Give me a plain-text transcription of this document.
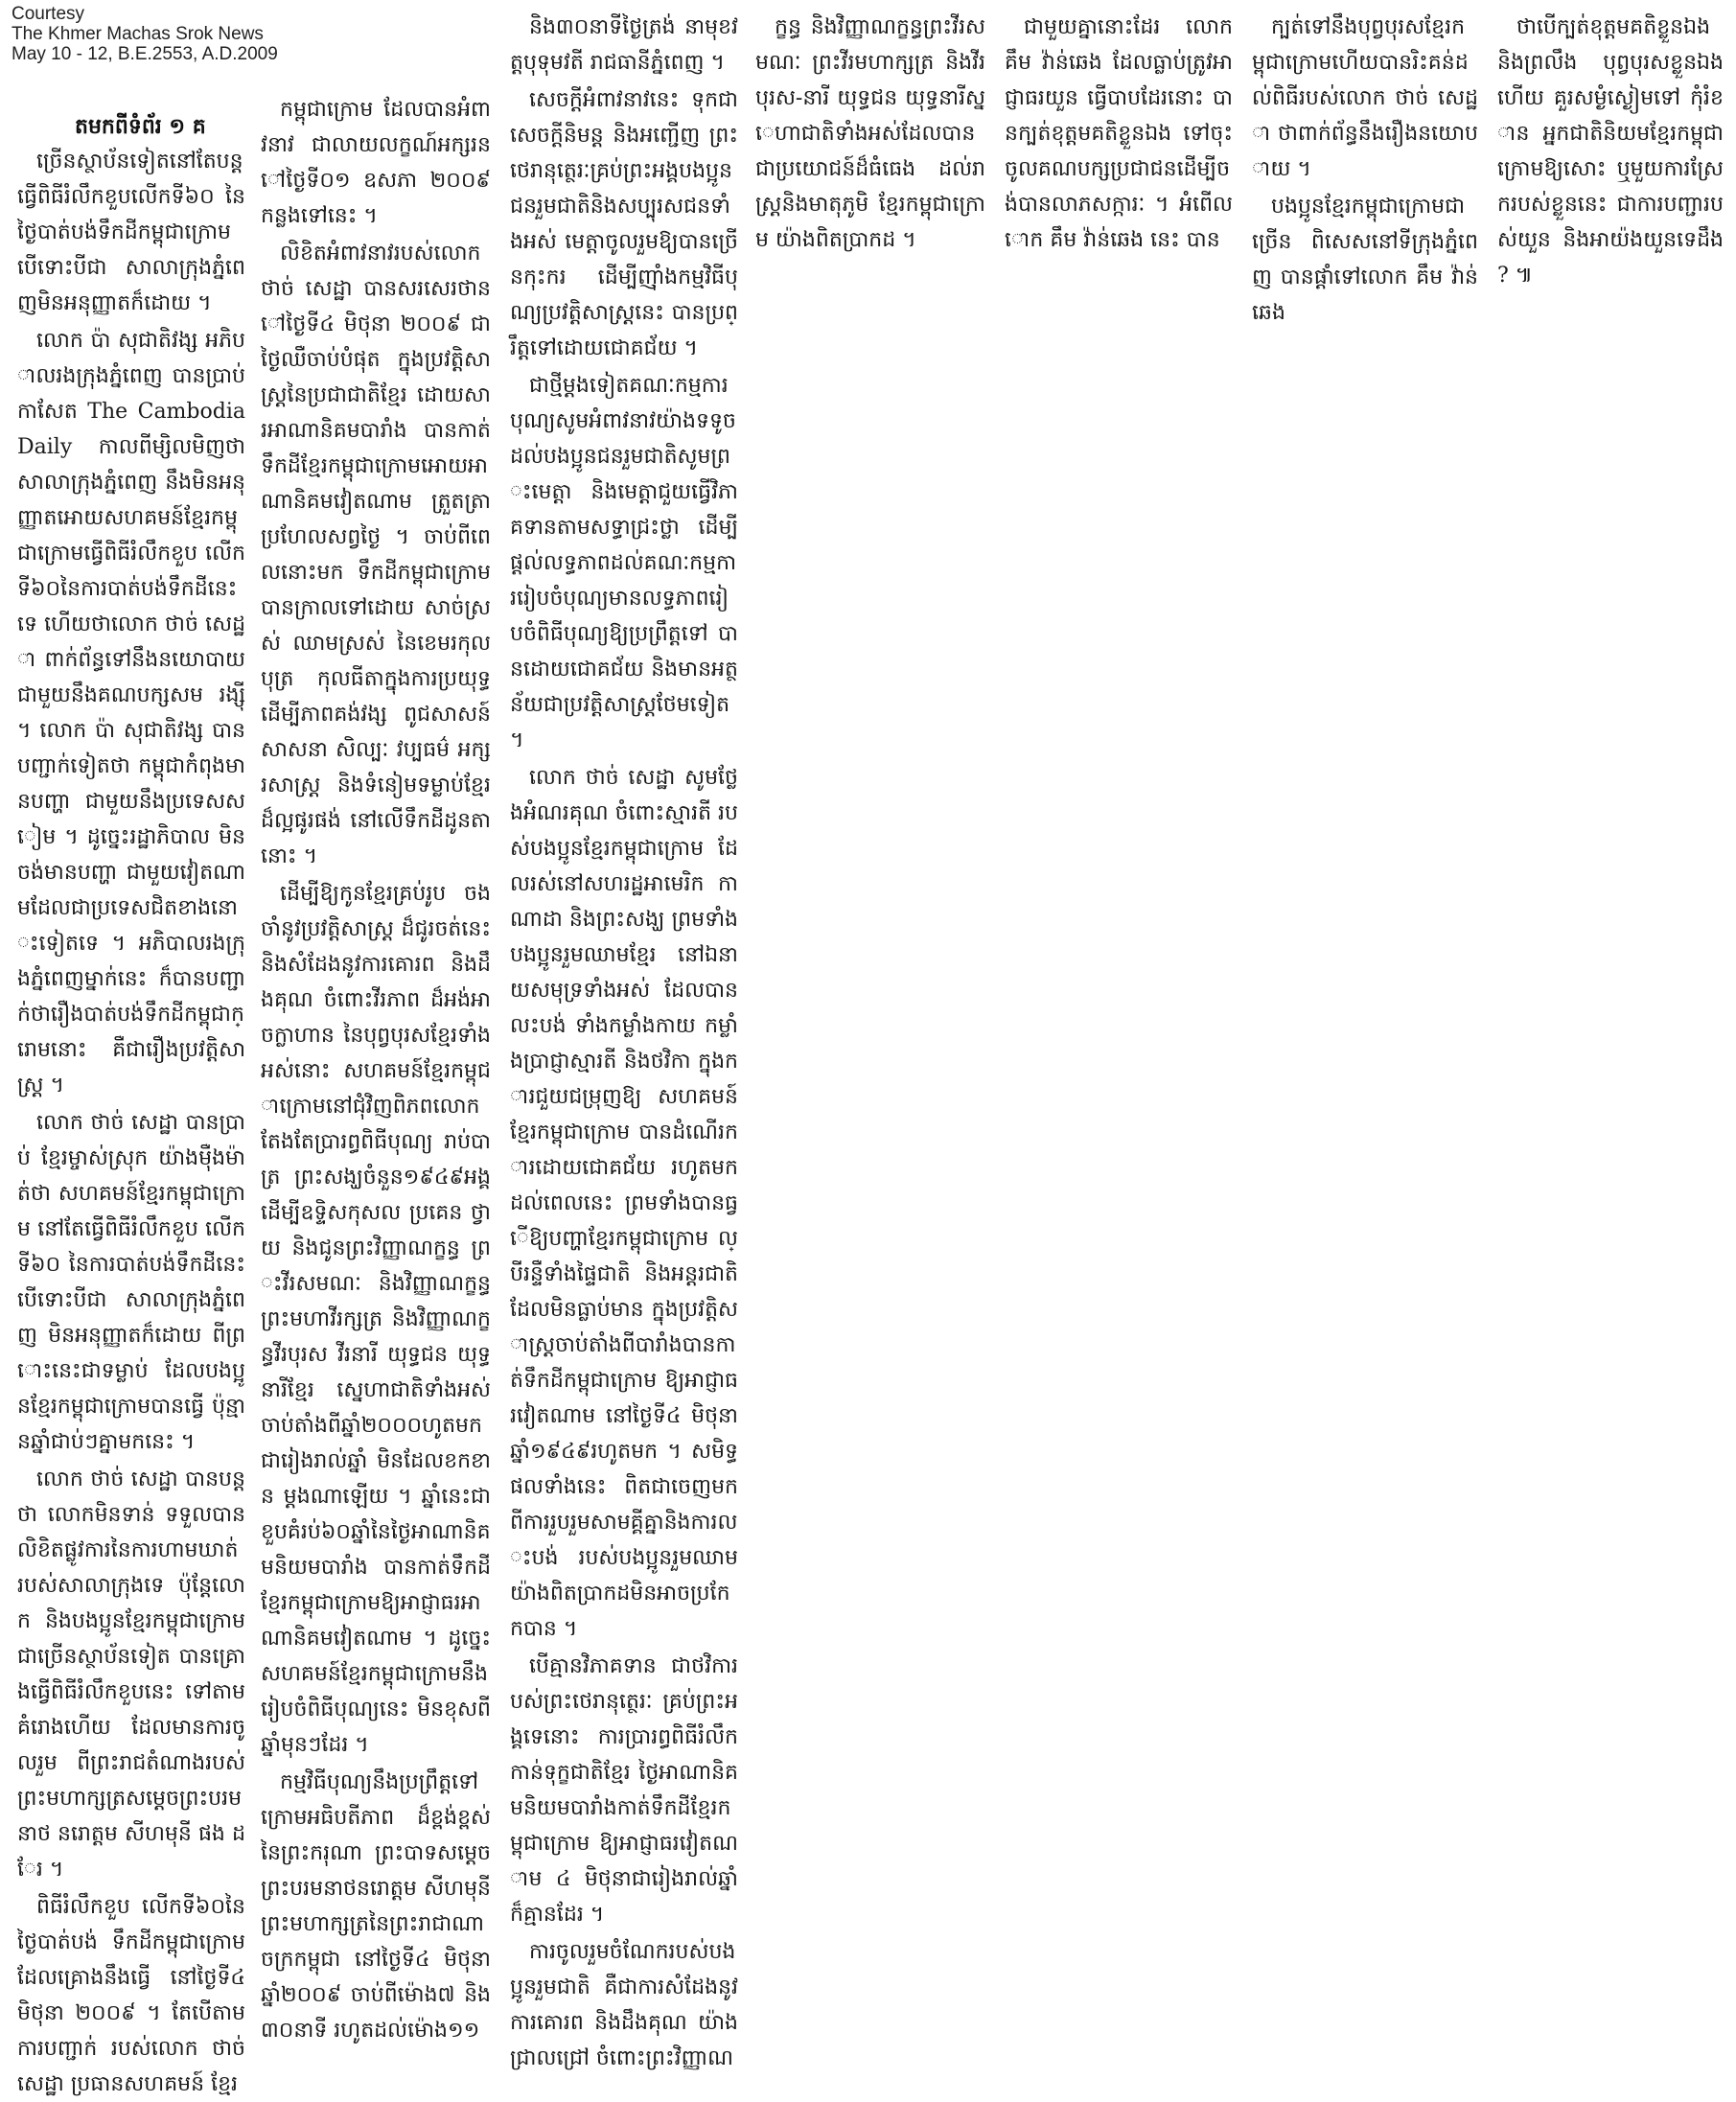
Courtesy
The Khmer Machas Srok News
May 10 - 12, B.E.2553, A.D.2009
តមកពីទំព័រ ១ គ

ច្រើនស្ថាប័នទៀតនៅតែបន្តធ្វើពិធីរំលឹកខួបលើកទី៦០ នៃថ្ងៃបាត់បង់ទឹកដីកម្ពុជាក្រោម បើទោះបីជា សាលាក្រុងភ្នំពេញមិនអនុញ្ញាតក៏ដោយ ។

លោក ប៉ា សុជាតិវង្ស អភិបាលរងក្រុងភ្នំពេញ បានប្រាប់កាសែត The Cambodia Daily កាលពីម្សិលមិញថា សាលាក្រុងភ្នំពេញ នឹងមិនអនុញ្ញាតអោយសហគមន៍ខ្មែរកម្ពុជាក្រោមធ្វើពិធីរំលឹកខួប លើកទី៦០នៃការបាត់បង់ទឹកដីនេះទេ ហើយថាលោក ថាច់ សេដ្ឋា ពាក់ព័ន្ធទៅនឹងនយោបាយ ជាមួយនឹងគណបក្សសម រង្ស៊ី ។ លោក ប៉ា សុជាតិវង្ស បានបញ្ជាក់ទៀតថា កម្ពុជាកំពុងមានបញ្ហា ជាមួយនឹងប្រទេសសៀម ។ ដូច្នេះរដ្ឋាភិបាល មិនចង់មានបញ្ហា ជាមួយវៀតណាមដែលជាប្រទេសជិតខាងនោះទៀតទេ ។ អភិបាលរងក្រុងភ្នំពេញម្នាក់នេះ ក៏បានបញ្ជាក់ថារឿងបាត់បង់ទឹកដីកម្ពុជាក្រោមនោះ គឺជារឿងប្រវត្តិសាស្ត្រ ។

លោក ថាច់ សេដ្ឋា បានប្រាប់ ខ្មែរម្ចាស់ស្រុក យ៉ាងម៉ឺងម៉ាត់ថា សហគមន៍ខ្មែរកម្ពុជាក្រោម នៅតែធ្វើពិធីរំលឹកខួប លើកទី៦០ នៃការបាត់បង់ទឹកដីនេះ បើទោះបីជា សាលាក្រុងភ្នំពេញ មិនអនុញ្ញាតក៏ដោយ ពីព្រោះនេះជាទម្លាប់ ដែលបងប្អូនខ្មែរកម្ពុជាក្រោមបានធ្វើ ប៉ុន្មានឆ្នាំជាប់ៗគ្នាមកនេះ ។

លោក ថាច់ សេដ្ឋា បានបន្តថា លោកមិនទាន់ ទទួលបានលិខិតផ្លូវការនៃការហាមឃាត់ របស់សាលាក្រុងទេ ប៉ុន្តែលោក និងបងប្អូនខ្មែរកម្ពុជាក្រោមជាច្រើនស្ថាប័នទៀត បានគ្រោងធ្វើពិធីរំលឹកខួបនេះ ទៅតាមគំរោងហើយ ដែលមានការចូលរួម ពីព្រះរាជតំណាងរបស់ព្រះមហាក្សត្រសម្តេចព្រះបរមនាថ នរោត្តម សីហមុនី ផង ដែរ ។

ពិធីរំលឹកខួប លើកទី៦០នៃថ្ងៃបាត់បង់ ទឹកដីកម្ពុជាក្រោម ដែលគ្រោងនឹងធ្វើ នៅថ្ងៃទី៤ មិថុនា ២០០៩ ។ តែបើតាមការបញ្ជាក់ របស់លោក ថាច់ សេដ្ឋា ប្រធានសហគមន៍ ខ្មែរ

កម្ពុជាក្រោម ដែលបានអំពាវនាវ ជាលាយលក្ខណ៍អក្សរនៅថ្ងៃទី០១ ឧសភា ២០០៩កន្លងទៅនេះ ។

លិខិតអំពាវនាវរបស់លោក ថាច់ សេដ្ឋា បានសរសេរថានៅថ្ងៃទី៤ មិថុនា ២០០៩ ជាថ្ងៃឈឺចាប់បំផុត ក្នុងប្រវត្តិសាស្ត្រនៃប្រជាជាតិខ្មែរ ដោយសារអាណានិគមបារាំង បានកាត់ទឹកដីខ្មែរកម្ពុជាក្រោមអោយអាណានិគមវៀតណាម ត្រួតត្រាប្រហែលសព្វថ្ងៃ ។ ចាប់ពីពេលនោះមក ទឹកដីកម្ពុជាក្រោម បានក្រាលទៅដោយ សាច់ស្រស់ ឈាមស្រស់ នៃខេមរកុលបុត្រ កុលធីតាក្នុងការប្រយុទ្ធ ដើម្បីភាពគង់វង្ស ពូជសាសន៍ សាសនា សិល្បៈ វប្បធម៌ អក្សរសាស្ត្រ និងទំនៀមទម្លាប់ខ្មែរ ដ៏ល្អផូរផង់ នៅលើទឹកដីដូនតានោះ ។

ដើម្បីឱ្យកូនខ្មែរគ្រប់រូប ចងចាំនូវប្រវត្តិសាស្ត្រ ដ៏ជូរចត់នេះ និងសំដែងនូវការគោរព និងដឹងគុណ ចំពោះវីរភាព ដ៏អង់អាចក្លាហាន នៃបុព្វបុរសខ្មែរទាំងអស់នោះ សហគមន៍ខ្មែរកម្ពុជាក្រោមនៅជុំវិញពិភពលោកតែងតែប្រារព្ធពិធីបុណ្យ រាប់បាត្រ ព្រះសង្ឃចំនួន១៩៤៩អង្គដើម្បីឧទ្ទិសកុសល ប្រគេន ថ្វាយ និងជូនព្រះវិញ្ញាណក្ខន្ធ ព្រះវីរសមណៈ និងវិញ្ញាណក្ខន្ធព្រះមហាវីរក្សត្រ និងវិញ្ញាណក្ខន្ធវីរបុរស វីរនារី យុទ្ធជន យុទ្ធនារីខ្មែរ ស្នេហាជាតិទាំងអស់ ចាប់តាំងពីឆ្នាំ២០០០ហូតមក ជារៀងរាល់ឆ្នាំ មិនដែលខកខាន ម្តងណាឡើយ ។ ឆ្នាំនេះជាខួបគំរប់៦០ឆ្នាំនៃថ្ងៃអាណានិគមនិយមបារាំង បានកាត់ទឹកដីខ្មែរកម្ពុជាក្រោមឱ្យអាជ្ញាធរអាណានិគមវៀតណាម ។ ដូច្នេះសហគមន៍ខ្មែរកម្ពុជាក្រោមនឹងរៀបចំពិធីបុណ្យនេះ មិនខុសពីឆ្នាំមុនៗដែរ ។

កម្មវិធីបុណ្យនឹងប្រព្រឹត្តទៅក្រោមអធិបតីភាព ដ៏ខ្ពង់ខ្ពស់ នៃព្រះករុណា ព្រះបាទសម្តេចព្រះបរមនាថនរោត្តម សីហមុនី ព្រះមហាក្សត្រនៃព្រះរាជាណាចក្រកម្ពុជា នៅថ្ងៃទី៤ មិថុនា ឆ្នាំ២០០៩ ចាប់ពីម៉ោង៧ និង ៣០នាទី រហូតដល់ម៉ោង១១

និង៣០នាទីថ្ងៃត្រង់ នាមុខវត្តបុទុមវតី រាជធានីភ្នំពេញ ។

សេចក្តីអំពាវនាវនេះ ទុកជាសេចក្តីនិមន្ត និងអញ្ជើញ ព្រះថេរានុត្ថេរៈគ្រប់ព្រះអង្គបងប្អូនជនរួមជាតិនិងសប្បុរសជនទាំងអស់ មេត្តាចូលរួមឱ្យបានច្រើនកុះករ ដើម្បីញ៉ាំងកម្មវិធីបុណ្យប្រវត្តិសាស្ត្រនេះ បានប្រព្រឹត្តទៅដោយជោគជ័យ ។

ជាថ្មីម្តងទៀតគណៈកម្មការបុណ្យសូមអំពាវនាវយ៉ាងទទូចដល់បងប្អូនជនរួមជាតិសូមព្រះមេត្តា និងមេត្តាជួយធ្វើវិភាគទានតាមសទ្ធាជ្រះថ្លា ដើម្បីផ្តល់លទ្ធភាពដល់គណៈកម្មការរៀបចំបុណ្យមានលទ្ធភាពរៀបចំពិធីបុណ្យឱ្យប្រព្រឹត្តទៅ បានដោយជោគជ័យ និងមានអត្ថន័យជាប្រវត្តិសាស្ត្រថែមទៀត ។

លោក ថាច់ សេដ្ឋា សូមថ្លែងអំណរគុណ ចំពោះស្មារតី របស់បងប្អូនខ្មែរកម្ពុជាក្រោម ដែលរស់នៅសហរដ្ឋអាមេរិក កាណាដា និងព្រះសង្ឃ ព្រមទាំងបងប្អូនរួមឈាមខ្មែរ នៅឯនាយសមុទ្រទាំងអស់ ដែលបានលះបង់ ទាំងកម្លាំងកាយ កម្លាំងប្រាជ្ញាស្មារតី និងថវិកា ក្នុងការជួយជម្រុញឱ្យ សហគមន៍ខ្មែរកម្ពុជាក្រោម បានដំណើរការដោយជោគជ័យ រហូតមកដល់ពេលនេះ ព្រមទាំងបានធ្វើឱ្យបញ្ហាខ្មែរកម្ពុជាក្រោម ល្បីរន្ទឺទាំងផ្ទៃជាតិ និងអន្តរជាតិដែលមិនធ្លាប់មាន ក្នុងប្រវត្តិសាស្ត្រចាប់តាំងពីបារាំងបានកាត់ទឹកដីកម្ពុជាក្រោម ឱ្យអាជ្ញាធរវៀតណាម នៅថ្ងៃទី៤ មិថុនា ឆ្នាំ១៩៤៩រហូតមក ។ សមិទ្ធផលទាំងនេះ ពិតជាចេញមកពីការរួបរួមសាមគ្គីគ្នានិងការលះបង់ របស់បងប្អូនរួមឈាមយ៉ាងពិតប្រាកដមិនអាចប្រកែកបាន ។

បើគ្មានវិភាគទាន ជាថវិការបស់ព្រះថេរានុត្ថេរៈ គ្រប់ព្រះអង្គទេនោះ ការប្រារព្ធពិធីរំលឹកកាន់ទុក្ខជាតិខ្មែរ ថ្ងៃអាណានិគមនិយមបារាំងកាត់ទឹកដីខ្មែរកម្ពុជាក្រោម ឱ្យអាជ្ញាធរវៀតណាម ៤ មិថុនាជារៀងរាល់ឆ្នាំ ក៏គ្មានដែរ ។

ការចូលរួមចំណែករបស់បងប្អូនរួមជាតិ គឺជាការសំដែងនូវការគោរព និងដឹងគុណ យ៉ាងជ្រាលជ្រៅ ចំពោះព្រះវិញ្ញាណ

ក្ខន្ធ និងវិញ្ញាណក្ខន្ធព្រះវីរសមណៈ ព្រះវីរមហាក្សត្រ និងវីរបុរស-នារី យុទ្ធជន យុទ្ធនារីស្នេហាជាតិទាំងអស់ដែលបានជាប្រយោជន៍ដ៏ធំធេង ដល់រាស្ត្រនិងមាតុភូមិ ខ្មែរកម្ពុជាក្រោម យ៉ាងពិតប្រាកដ ។

ជាមួយគ្នានោះដែរ លោក គឹម វ៉ាន់ឆេង ដែលធ្លាប់ត្រូវអាជ្ញាធរយួន ធ្វើបាបដែរនោះ បានក្បត់ខុត្តមគតិខ្លួនឯង ទៅចុះចូលគណបក្សប្រជាជនដើម្បីចង់បានលាភសក្ការៈ ។ អំពើលោក គឹម វ៉ាន់ឆេង នេះ បាន

ក្បត់ទៅនឹងបុព្វបុរសខ្មែរកម្ពុជាក្រោមហើយបានរិះគន់ដល់ពិធីរបស់លោក ថាច់ សេដ្ឋា ថាពាក់ព័ន្ធនឹងរឿងនយោបាយ ។

បងប្អូនខ្មែរកម្ពុជាក្រោមជាច្រើន ពិសេសនៅទីក្រុងភ្នំពេញ បានផ្តាំទៅលោក គឹម វ៉ាន់ឆេង

ថាបើក្បត់ខុត្តមគតិខ្លួនឯង និងព្រលឹង បុព្វបុរសខ្លួនឯងហើយ គួរសម្ងំស្ងៀមទៅ កុំរំខាន អ្នកជាតិនិយមខ្មែរកម្ពុជាក្រោមឱ្យសោះ ឬមួយការស្រែករបស់ខ្លួននេះ ជាការបញ្ជារបស់យួន និងអាយ៉ងយួនទេដឹង ? ៕
